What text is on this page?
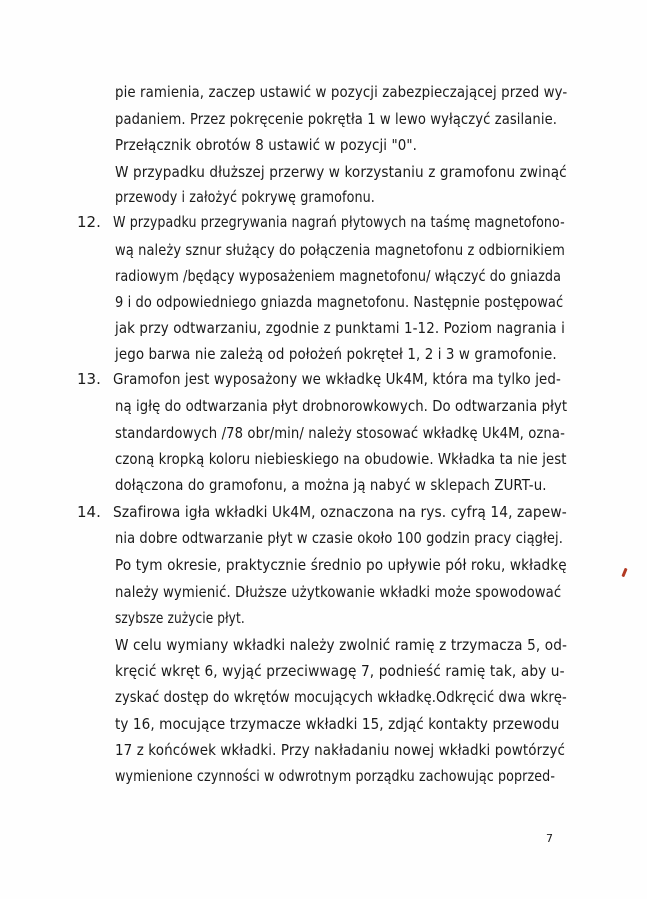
pie ramienia, zaczep ustawić w pozycji zabezpieczającej przed wy-
padaniem. Przez pokręcenie pokrętła 1 w lewo wyłączyć zasilanie.
Przełącznik obrotów 8 ustawić w pozycji "0".
W przypadku dłuższej przerwy w korzystaniu z gramofonu zwinąć
przewody i założyć pokrywę gramofonu.
12. W przypadku przegrywania nagrań płytowych na taśmę magnetofono-
wą należy sznur służący do połączenia magnetofonu z odbiornikiem
radiowym /będący wyposażeniem magnetofonu/ włączyć do gniazda
9 i do odpowiedniego gniazda magnetofonu. Następnie postępować
jak przy odtwarzaniu, zgodnie z punktami 1-12. Poziom nagrania i
jego barwa nie zależą od położeń pokręteł 1, 2 i 3 w gramofonie.
13. Gramofon jest wyposażony we wkładkę Uk4M, która ma tylko jed-
ną igłę do odtwarzania płyt drobnorowkowych. Do odtwarzania płyt
standardowych /78 obr/min/ należy stosować wkładkę Uk4M, ozna-
czoną kropką koloru niebieskiego na obudowie. Wkładka ta nie jest
dołączona do gramofonu, a można ją nabyć w sklepach ZURT-u.
14. Szafirowa igła wkładki Uk4M, oznaczona na rys. cyfrą 14, zapew-
nia dobre odtwarzanie płyt w czasie około 100 godzin pracy ciągłej.
Po tym okresie, praktycznie średnio po upływie pół roku, wkładkę
należy wymienić. Dłuższe użytkowanie wkładki może spowodować
szybsze zużycie płyt.
W celu wymiany wkładki należy zwolnić ramię z trzymacza 5, od-
kręcić wkręt 6, wyjąć przeciwwagę 7, podnieść ramię tak, aby u-
zyskać dostęp do wkrętów mocujących wkładkę.Odkręcić dwa wkrę-
ty 16, mocujące trzymacze wkładki 15, zdjąć kontakty przewodu
17 z końcówek wkładki. Przy nakładaniu nowej wkładki powtórzyć
wymienione czynności w odwrotnym porządku zachowując poprzed-
7
